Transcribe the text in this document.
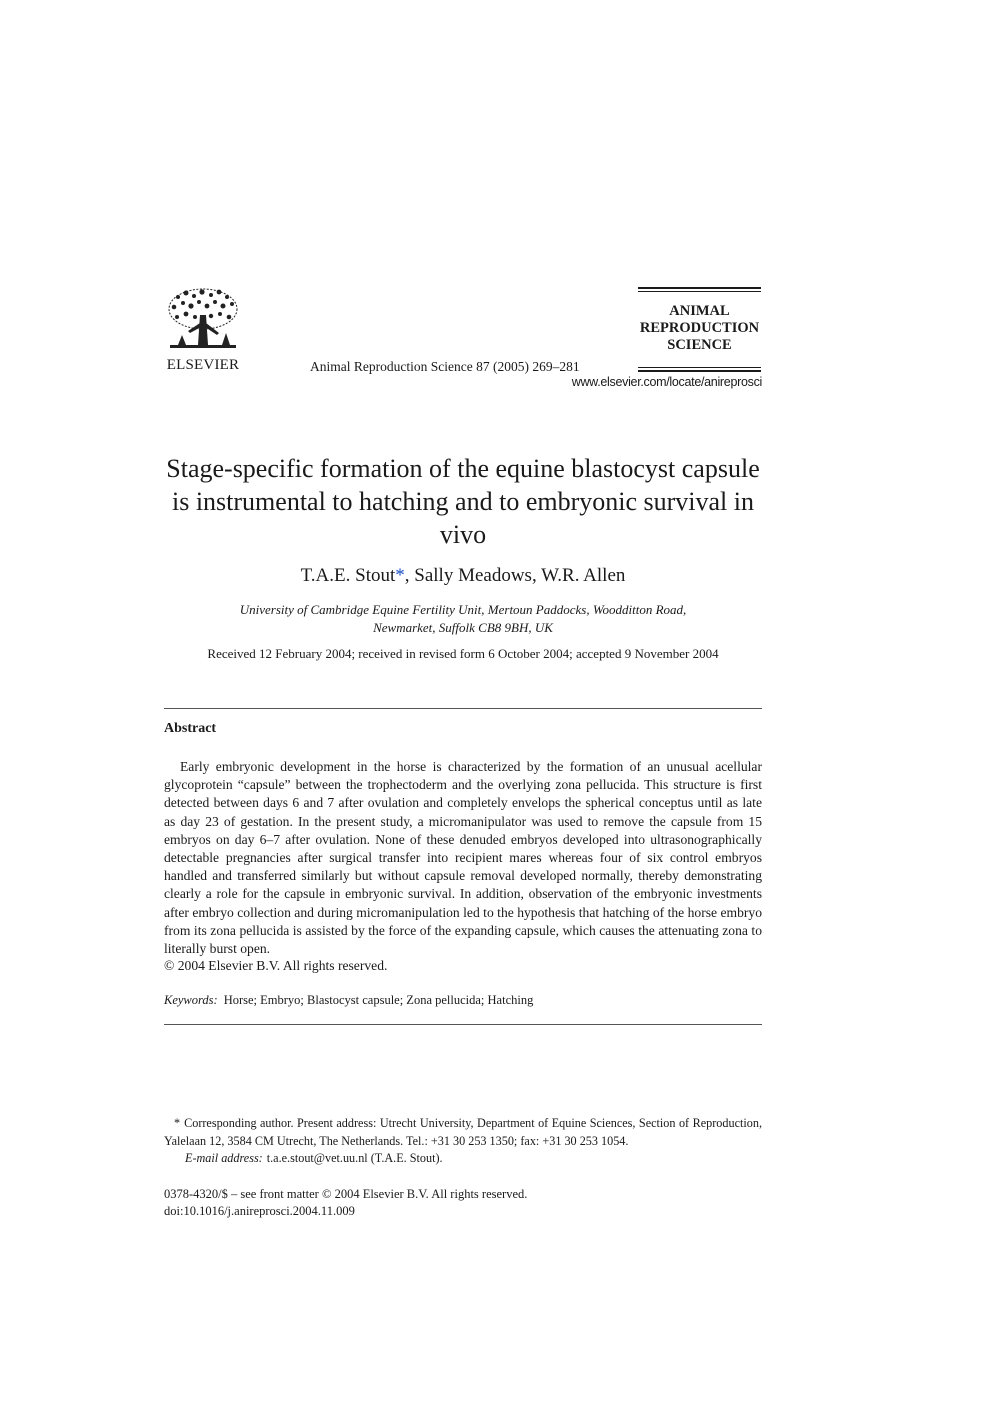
ELSEVIER	Animal Reproduction Science 87 (2005) 269–281
ANIMAL
REPRODUCTION
SCIENCE
www.elsevier.com/locate/anireprosci
Stage-specific formation of the equine blastocyst capsule is instrumental to hatching and to embryonic survival in vivo
T.A.E. Stout*, Sally Meadows, W.R. Allen
University of Cambridge Equine Fertility Unit, Mertoun Paddocks, Woodditton Road,
Newmarket, Suffolk CB8 9BH, UK
Received 12 February 2004; received in revised form 6 October 2004; accepted 9 November 2004
Abstract
Early embryonic development in the horse is characterized by the formation of an unusual acellular glycoprotein “capsule” between the trophectoderm and the overlying zona pellucida. This structure is first detected between days 6 and 7 after ovulation and completely envelops the spherical conceptus until as late as day 23 of gestation. In the present study, a micromanipulator was used to remove the capsule from 15 embryos on day 6–7 after ovulation. None of these denuded embryos developed into ultrasonographically detectable pregnancies after surgical transfer into recipient mares whereas four of six control embryos handled and transferred similarly but without capsule removal developed normally, thereby demonstrating clearly a role for the capsule in embryonic survival. In addition, observation of the embryonic investments after embryo collection and during micromanipulation led to the hypothesis that hatching of the horse embryo from its zona pellucida is assisted by the force of the expanding capsule, which causes the attenuating zona to literally burst open.
© 2004 Elsevier B.V. All rights reserved.
Keywords: Horse; Embryo; Blastocyst capsule; Zona pellucida; Hatching
* Corresponding author. Present address: Utrecht University, Department of Equine Sciences, Section of Reproduction, Yalelaan 12, 3584 CM Utrecht, The Netherlands. Tel.: +31 30 253 1350; fax: +31 30 253 1054.
E-mail address: t.a.e.stout@vet.uu.nl (T.A.E. Stout).
0378-4320/$ – see front matter © 2004 Elsevier B.V. All rights reserved.
doi:10.1016/j.anireprosci.2004.11.009
